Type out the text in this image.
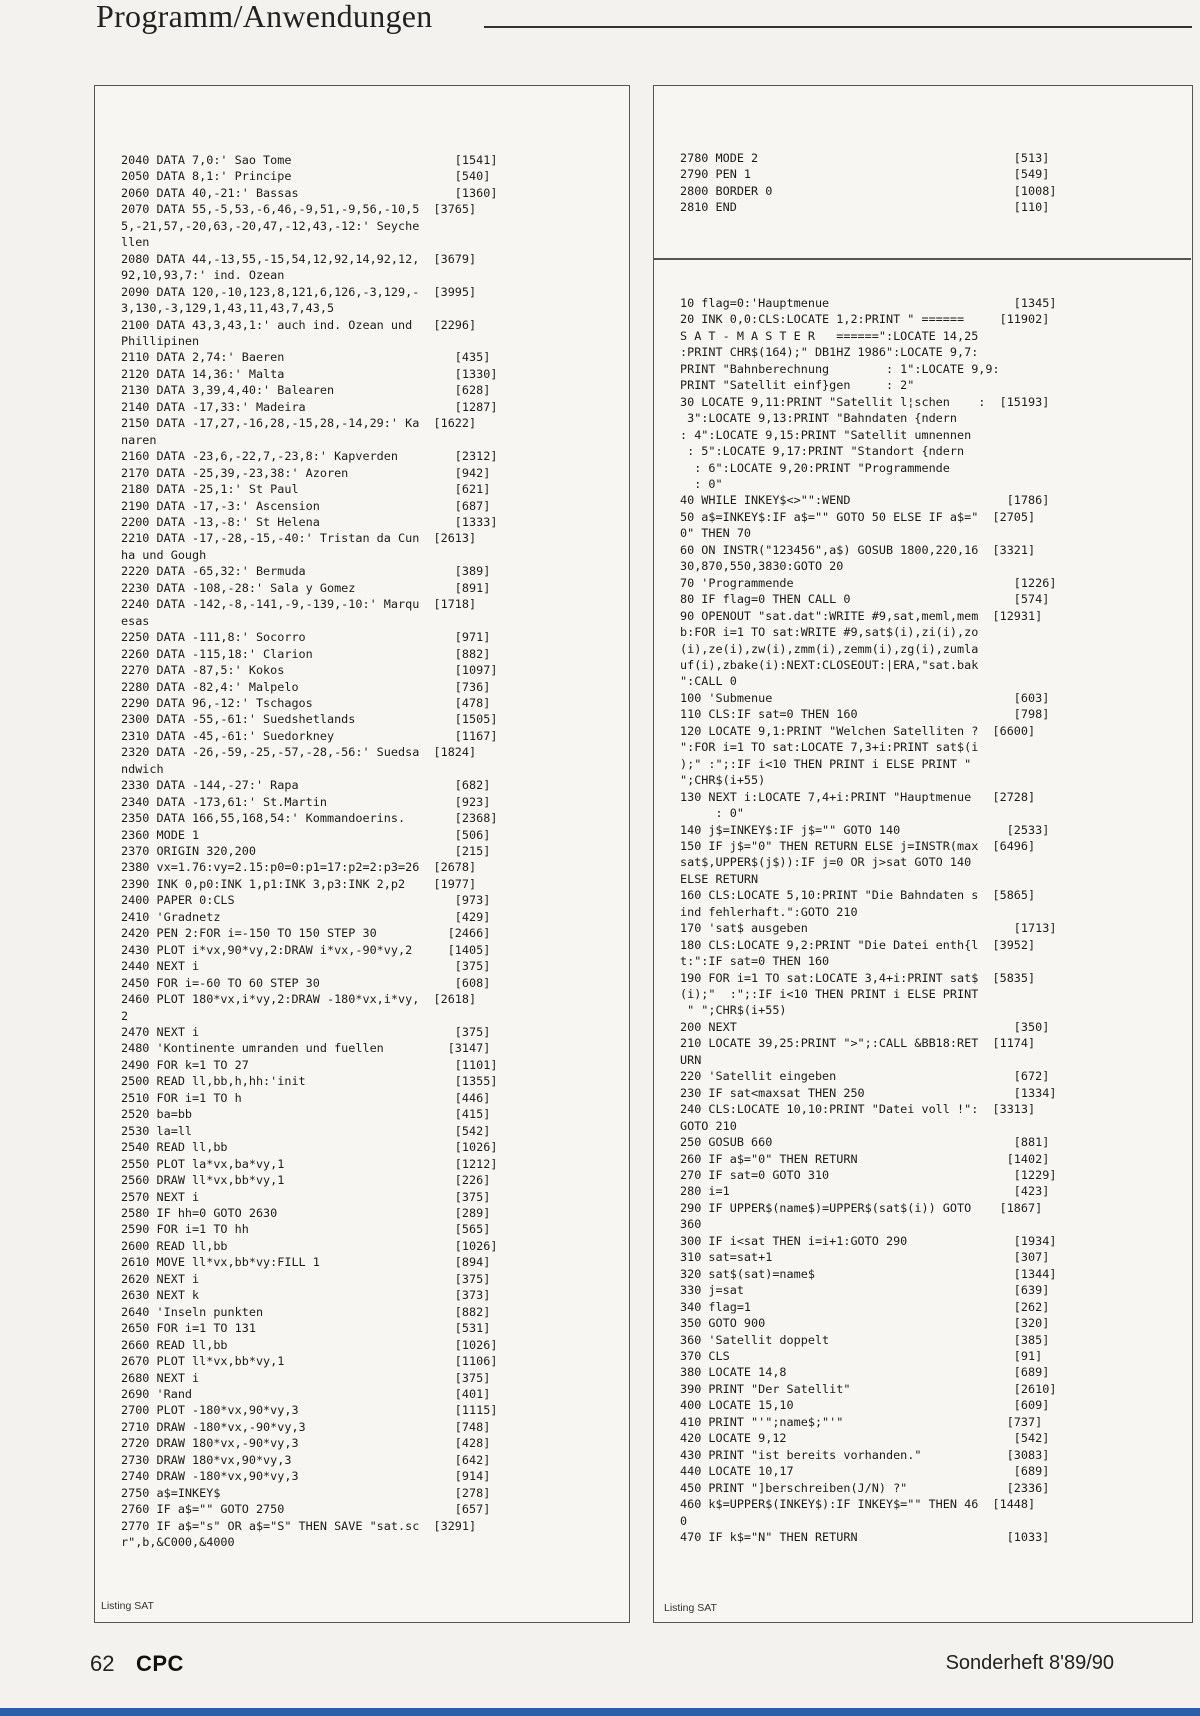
Programm/Anwendungen
2040 DATA 7,0:' Sao Tome                       [1541]
2050 DATA 8,1:' Principe                       [540]
2060 DATA 40,-21:' Bassas                      [1360]
2070 DATA 55,-5,53,-6,46,-9,51,-9,56,-10,5  [3765]
5,-21,57,-20,63,-20,47,-12,43,-12:' Seyche
llen
2080 DATA 44,-13,55,-15,54,12,92,14,92,12,  [3679]
92,10,93,7:' ind. Ozean
2090 DATA 120,-10,123,8,121,6,126,-3,129,-  [3995]
3,130,-3,129,1,43,11,43,7,43,5
2100 DATA 43,3,43,1:' auch ind. Ozean und   [2296]
Phillipinen
2110 DATA 2,74:' Baeren                        [435]
2120 DATA 14,36:' Malta                        [1330]
2130 DATA 3,39,4,40:' Balearen                 [628]
2140 DATA -17,33:' Madeira                     [1287]
2150 DATA -17,27,-16,28,-15,28,-14,29:' Ka  [1622]
naren
2160 DATA -23,6,-22,7,-23,8:' Kapverden        [2312]
2170 DATA -25,39,-23,38:' Azoren               [942]
2180 DATA -25,1:' St Paul                      [621]
2190 DATA -17,-3:' Ascension                   [687]
2200 DATA -13,-8:' St Helena                   [1333]
2210 DATA -17,-28,-15,-40:' Tristan da Cun  [2613]
ha und Gough
2220 DATA -65,32:' Bermuda                     [389]
2230 DATA -108,-28:' Sala y Gomez              [891]
2240 DATA -142,-8,-141,-9,-139,-10:' Marqu  [1718]
esas
2250 DATA -111,8:' Socorro                     [971]
2260 DATA -115,18:' Clarion                    [882]
2270 DATA -87,5:' Kokos                        [1097]
2280 DATA -82,4:' Malpelo                      [736]
2290 DATA 96,-12:' Tschagos                    [478]
2300 DATA -55,-61:' Suedshetlands              [1505]
2310 DATA -45,-61:' Suedorkney                 [1167]
2320 DATA -26,-59,-25,-57,-28,-56:' Suedsa  [1824]
ndwich
2330 DATA -144,-27:' Rapa                      [682]
2340 DATA -173,61:' St.Martin                  [923]
2350 DATA 166,55,168,54:' Kommandoerins.       [2368]
2360 MODE 1                                    [506]
2370 ORIGIN 320,200                            [215]
2380 vx=1.76:vy=2.15:p0=0:p1=17:p2=2:p3=26  [2678]
2390 INK 0,p0:INK 1,p1:INK 3,p3:INK 2,p2    [1977]
2400 PAPER 0:CLS                               [973]
2410 'Gradnetz                                 [429]
2420 PEN 2:FOR i=-150 TO 150 STEP 30          [2466]
2430 PLOT i*vx,90*vy,2:DRAW i*vx,-90*vy,2     [1405]
2440 NEXT i                                    [375]
2450 FOR i=-60 TO 60 STEP 30                   [608]
2460 PLOT 180*vx,i*vy,2:DRAW -180*vx,i*vy,  [2618]
2
2470 NEXT i                                    [375]
2480 'Kontinente umranden und fuellen         [3147]
2490 FOR k=1 TO 27                             [1101]
2500 READ ll,bb,h,hh:'init                     [1355]
2510 FOR i=1 TO h                              [446]
2520 ba=bb                                     [415]
2530 la=ll                                     [542]
2540 READ ll,bb                                [1026]
2550 PLOT la*vx,ba*vy,1                        [1212]
2560 DRAW ll*vx,bb*vy,1                        [226]
2570 NEXT i                                    [375]
2580 IF hh=0 GOTO 2630                         [289]
2590 FOR i=1 TO hh                             [565]
2600 READ ll,bb                                [1026]
2610 MOVE ll*vx,bb*vy:FILL 1                   [894]
2620 NEXT i                                    [375]
2630 NEXT k                                    [373]
2640 'Inseln punkten                           [882]
2650 FOR i=1 TO 131                            [531]
2660 READ ll,bb                                [1026]
2670 PLOT ll*vx,bb*vy,1                        [1106]
2680 NEXT i                                    [375]
2690 'Rand                                     [401]
2700 PLOT -180*vx,90*vy,3                      [1115]
2710 DRAW -180*vx,-90*vy,3                     [748]
2720 DRAW 180*vx,-90*vy,3                      [428]
2730 DRAW 180*vx,90*vy,3                       [642]
2740 DRAW -180*vx,90*vy,3                      [914]
2750 a$=INKEY$                                 [278]
2760 IF a$="" GOTO 2750                        [657]
2770 IF a$="s" OR a$="S" THEN SAVE "sat.sc  [3291]
r",b,&C000,&4000
Listing SAT
2780 MODE 2                                    [513]
2790 PEN 1                                     [549]
2800 BORDER 0                                  [1008]
2810 END                                       [110]
10 flag=0:'Hauptmenue                          [1345]
20 INK 0,0:CLS:LOCATE 1,2:PRINT " ======     [11902]
S A T - M A S T E R   ======":LOCATE 14,25
:PRINT CHR$(164);" DB1HZ 1986":LOCATE 9,7:
PRINT "Bahnberechnung        : 1":LOCATE 9,9:
PRINT "Satellit einf}gen     : 2"
30 LOCATE 9,11:PRINT "Satellit l¦schen    :  [15193]
3":LOCATE 9,13:PRINT "Bahndaten {ndern
: 4":LOCATE 9,15:PRINT "Satellit umnennen
: 5":LOCATE 9,17:PRINT "Standort {ndern
: 6":LOCATE 9,20:PRINT "Programmende
: 0"
40 WHILE INKEY$<>"":WEND                      [1786]
50 a$=INKEY$:IF a$="" GOTO 50 ELSE IF a$="  [2705]
0" THEN 70
60 ON INSTR("123456",a$) GOSUB 1800,220,16  [3321]
30,870,550,3830:GOTO 20
70 'Programmende                               [1226]
80 IF flag=0 THEN CALL 0                       [574]
90 OPENOUT "sat.dat":WRITE #9,sat,meml,mem  [12931]
b:FOR i=1 TO sat:WRITE #9,sat$(i),zi(i),zo
(i),ze(i),zw(i),zmm(i),zemm(i),zg(i),zumla
uf(i),zbake(i):NEXT:CLOSEOUT:|ERA,"sat.bak
":CALL 0
100 'Submenue                                  [603]
110 CLS:IF sat=0 THEN 160                      [798]
120 LOCATE 9,1:PRINT "Welchen Satelliten ?  [6600]
":FOR i=1 TO sat:LOCATE 7,3+i:PRINT sat$(i
);" :";:IF i<10 THEN PRINT i ELSE PRINT "
";CHR$(i+55)
130 NEXT i:LOCATE 7,4+i:PRINT "Hauptmenue   [2728]
: 0"
140 j$=INKEY$:IF j$="" GOTO 140               [2533]
150 IF j$="0" THEN RETURN ELSE j=INSTR(max  [6496]
sat$,UPPER$(j$)):IF j=0 OR j>sat GOTO 140
ELSE RETURN
160 CLS:LOCATE 5,10:PRINT "Die Bahndaten s  [5865]
ind fehlerhaft.":GOTO 210
170 'sat$ ausgeben                             [1713]
180 CLS:LOCATE 9,2:PRINT "Die Datei enth{l  [3952]
t:":IF sat=0 THEN 160
190 FOR i=1 TO sat:LOCATE 3,4+i:PRINT sat$  [5835]
(i);"  :";:IF i<10 THEN PRINT i ELSE PRINT
" ";CHR$(i+55)
200 NEXT                                       [350]
210 LOCATE 39,25:PRINT ">";:CALL &BB18:RET  [1174]
URN
220 'Satellit eingeben                         [672]
230 IF sat<maxsat THEN 250                     [1334]
240 CLS:LOCATE 10,10:PRINT "Datei voll !":  [3313]
GOTO 210
250 GOSUB 660                                  [881]
260 IF a$="0" THEN RETURN                     [1402]
270 IF sat=0 GOTO 310                          [1229]
280 i=1                                        [423]
290 IF UPPER$(name$)=UPPER$(sat$(i)) GOTO    [1867]
360
300 IF i<sat THEN i=i+1:GOTO 290               [1934]
310 sat=sat+1                                  [307]
320 sat$(sat)=name$                            [1344]
330 j=sat                                      [639]
340 flag=1                                     [262]
350 GOTO 900                                   [320]
360 'Satellit doppelt                          [385]
370 CLS                                        [91]
380 LOCATE 14,8                                [689]
390 PRINT "Der Satellit"                       [2610]
400 LOCATE 15,10                               [609]
410 PRINT "'";name$;"'"                       [737]
420 LOCATE 9,12                                [542]
430 PRINT "ist bereits vorhanden."            [3083]
440 LOCATE 10,17                               [689]
450 PRINT "]berschreiben(J/N) ?"              [2336]
460 k$=UPPER$(INKEY$):IF INKEY$="" THEN 46  [1448]
0
470 IF k$="N" THEN RETURN                     [1033]
Listing SAT
62 CPC	Sonderheft 8'89/90
